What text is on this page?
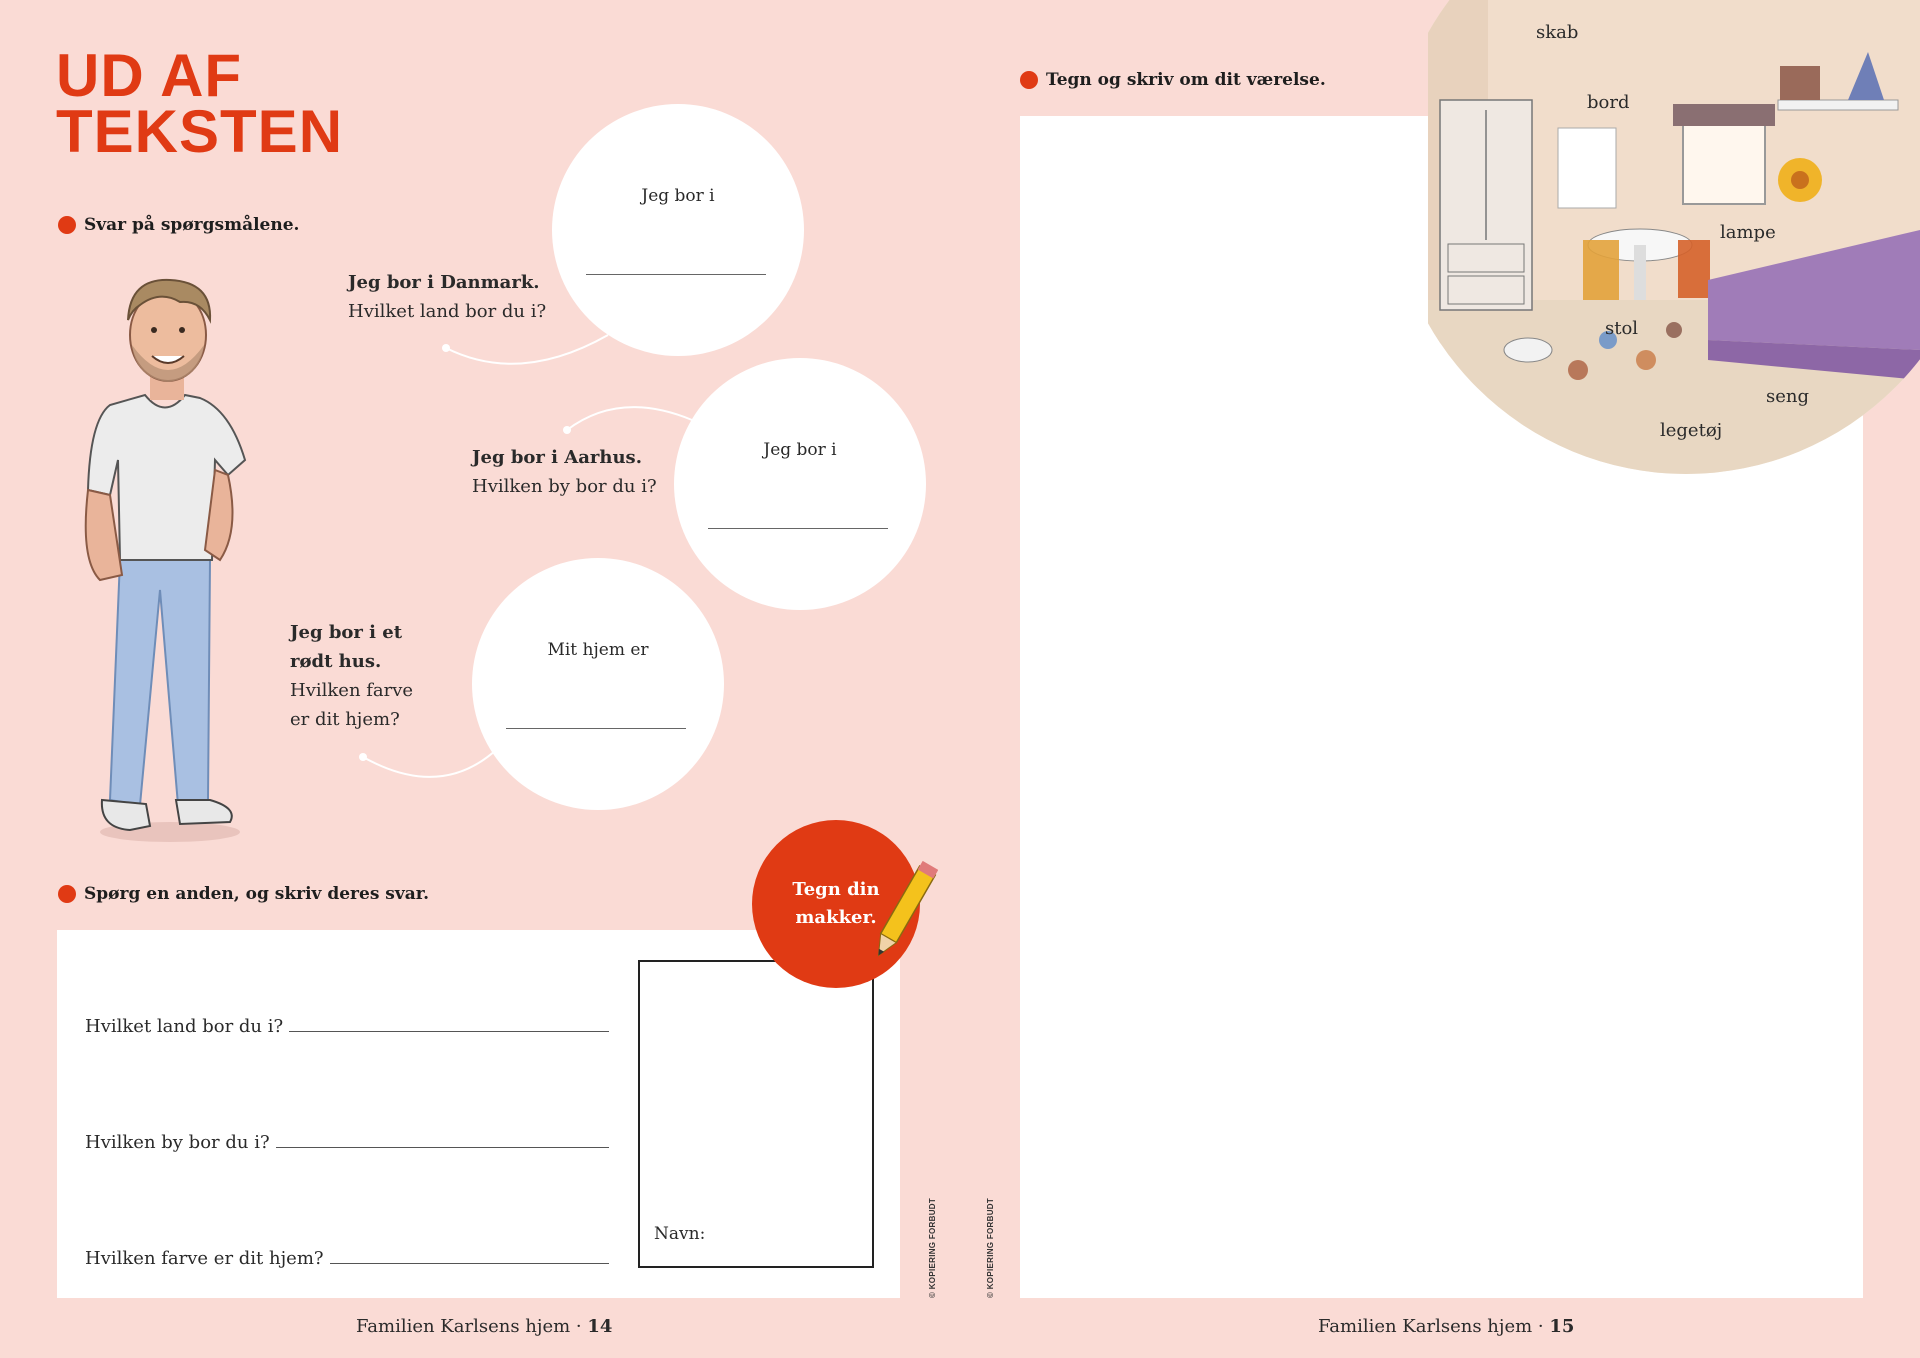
UD AF
TEKSTEN
Svar på spørgsmålene.
Jeg bor i Danmark.
Hvilket land bor du i?
Jeg bor i
Jeg bor i Aarhus.
Hvilken by bor du i?
Jeg bor i
Jeg bor i et
rødt hus.
Hvilken farve
er dit hjem?
Mit hjem er
Spørg en anden, og skriv deres svar.
Hvilket land bor du i?
Hvilken by bor du i?
Hvilken farve er dit hjem?
Navn:
Tegn din
makker.
© KOPIERING FORBUDT	© KOPIERING FORBUDT
Familien Karlsens hjem · 14
Tegn og skriv om dit værelse.
skab
bord
lampe
stol
seng
legetøj
Familien Karlsens hjem · 15
